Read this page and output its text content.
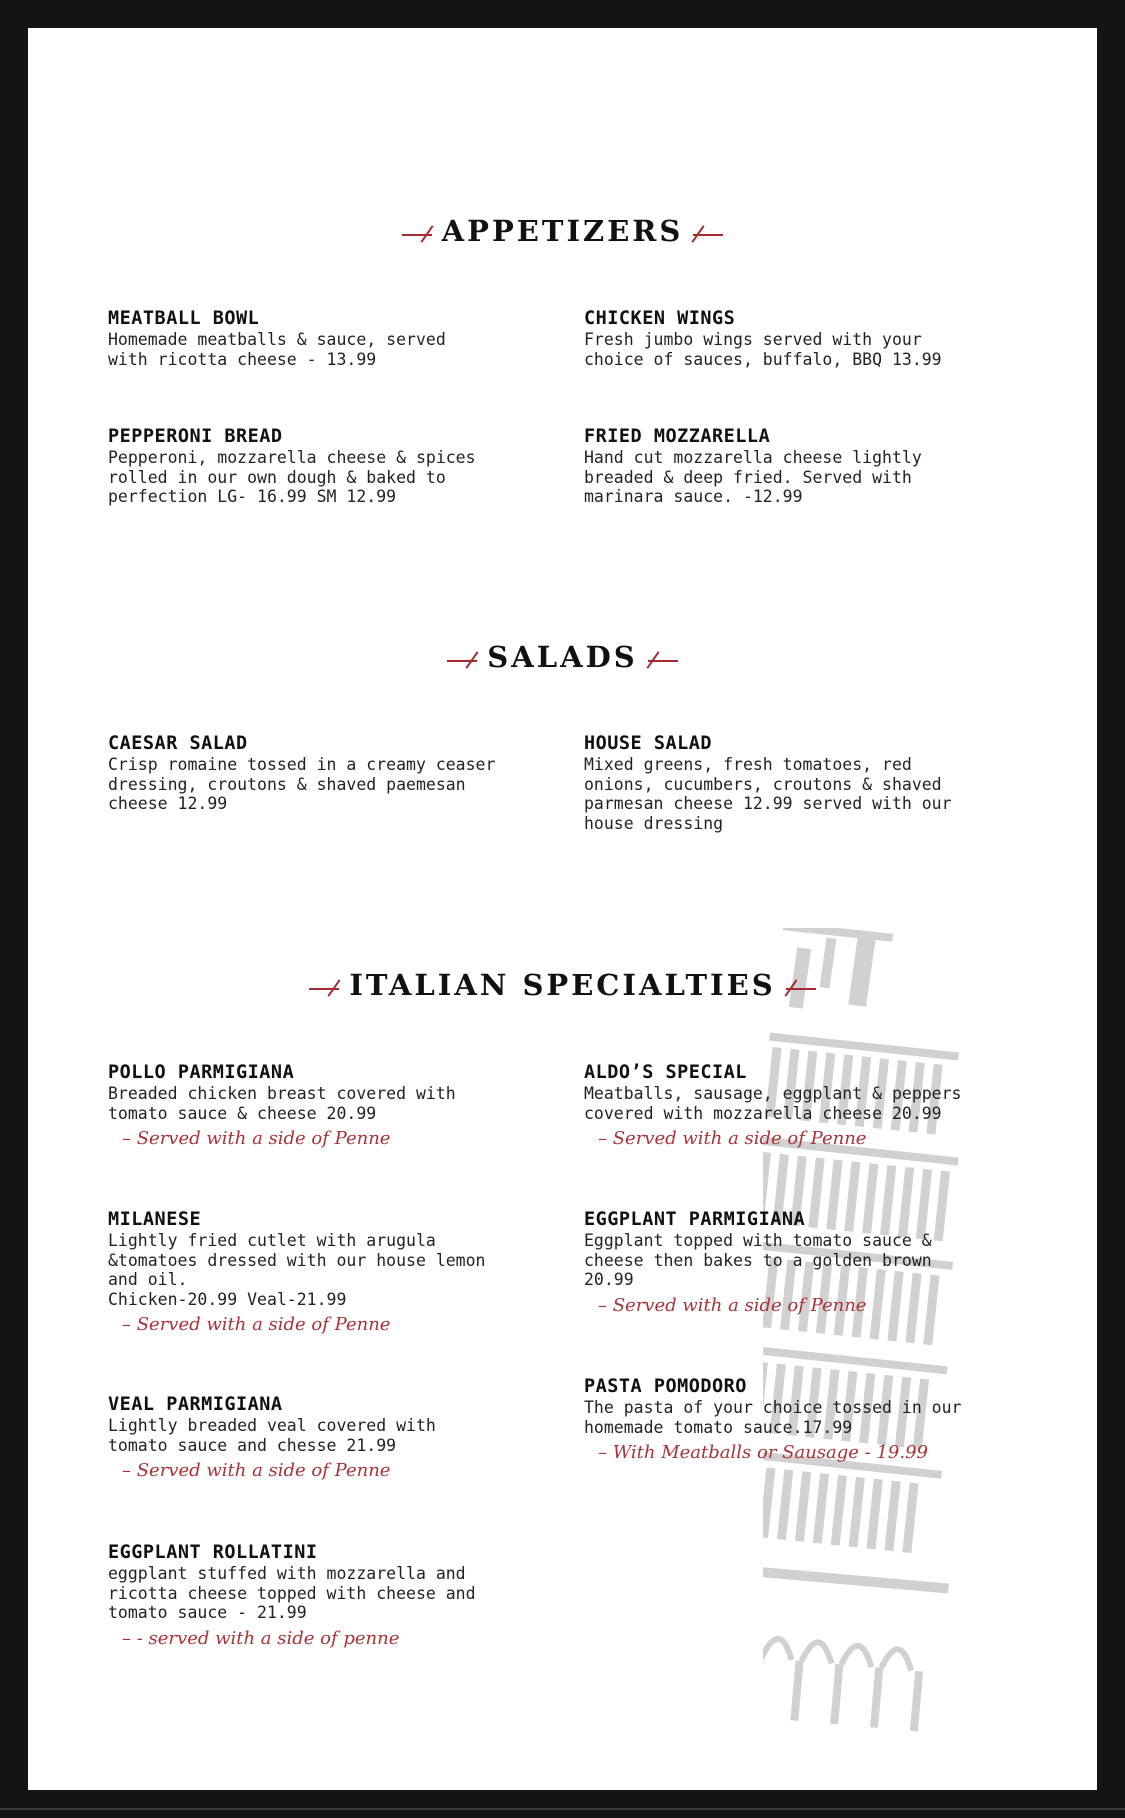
APPETIZERS
MEATBALL BOWL
Homemade meatballs & sauce, served
with ricotta cheese - 13.99
CHICKEN WINGS
Fresh jumbo wings served with your
choice of sauces, buffalo, BBQ 13.99
PEPPERONI BREAD
Pepperoni, mozzarella cheese & spices
rolled in our own dough & baked to
perfection LG- 16.99 SM 12.99
FRIED MOZZARELLA
Hand cut mozzarella cheese lightly
breaded & deep fried. Served with
marinara sauce. -12.99
SALADS
CAESAR SALAD
Crisp romaine tossed in a creamy ceaser
dressing, croutons & shaved paemesan
cheese 12.99
HOUSE SALAD
Mixed greens, fresh tomatoes, red
onions, cucumbers, croutons & shaved
parmesan cheese 12.99 served with our
house dressing
ITALIAN SPECIALTIES
POLLO PARMIGIANA
Breaded chicken breast covered with
tomato sauce & cheese 20.99
– Served with a side of Penne
ALDO’S SPECIAL
Meatballs, sausage, eggplant & peppers
covered with mozzarella cheese 20.99
– Served with a side of Penne
MILANESE
Lightly fried cutlet with arugula
&tomatoes dressed with our house lemon
and oil.
Chicken-20.99 Veal-21.99
– Served with a side of Penne
EGGPLANT PARMIGIANA
Eggplant topped with tomato sauce &
cheese then bakes to a golden brown
20.99
– Served with a side of Penne
VEAL PARMIGIANA
Lightly breaded veal covered with
tomato sauce and chesse 21.99
– Served with a side of Penne
PASTA POMODORO
The pasta of your choice tossed in our
homemade tomato sauce.17.99
– With Meatballs or Sausage - 19.99
EGGPLANT ROLLATINI
eggplant stuffed with mozzarella and
ricotta cheese topped with cheese and
tomato sauce - 21.99
– - served with a side of penne
